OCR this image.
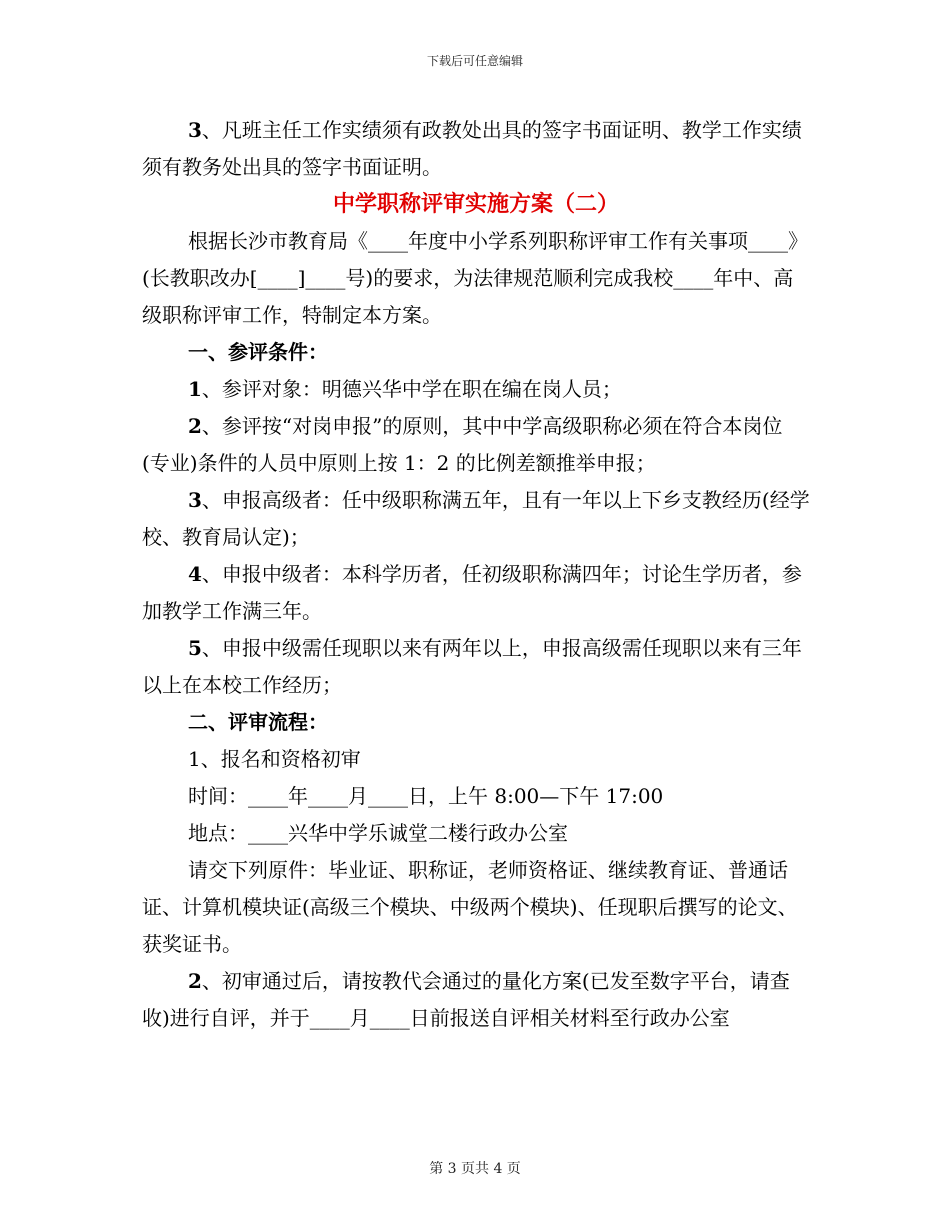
下载后可任意编辑

3、凡班主任工作实绩须有政教处出具的签字书面证明、教学工作实绩须有教务处出具的签字书面证明。

中学职称评审实施方案（二）

根据长沙市教育局《____年度中小学系列职称评审工作有关事项____》(长教职改办[____]____号)的要求，为法律规范顺利完成我校____年中、高级职称评审工作，特制定本方案。

一、参评条件：

1、参评对象：明德兴华中学在职在编在岗人员；

2、参评按“对岗申报”的原则，其中中学高级职称必须在符合本岗位(专业)条件的人员中原则上按 1：2 的比例差额推举申报；

3、申报高级者：任中级职称满五年，且有一年以上下乡支教经历(经学校、教育局认定)；

4、申报中级者：本科学历者，任初级职称满四年；讨论生学历者，参加教学工作满三年。

5、申报中级需任现职以来有两年以上，申报高级需任现职以来有三年以上在本校工作经历；

二、评审流程：

1、报名和资格初审

时间：____年____月____日，上午 8:00—下午 17:00

地点：____兴华中学乐诚堂二楼行政办公室

请交下列原件：毕业证、职称证，老师资格证、继续教育证、普通话证、计算机模块证(高级三个模块、中级两个模块)、任现职后撰写的论文、获奖证书。

2、初审通过后，请按教代会通过的量化方案(已发至数字平台，请查收)进行自评，并于____月____日前报送自评相关材料至行政办公室

第 3 页共 4 页
